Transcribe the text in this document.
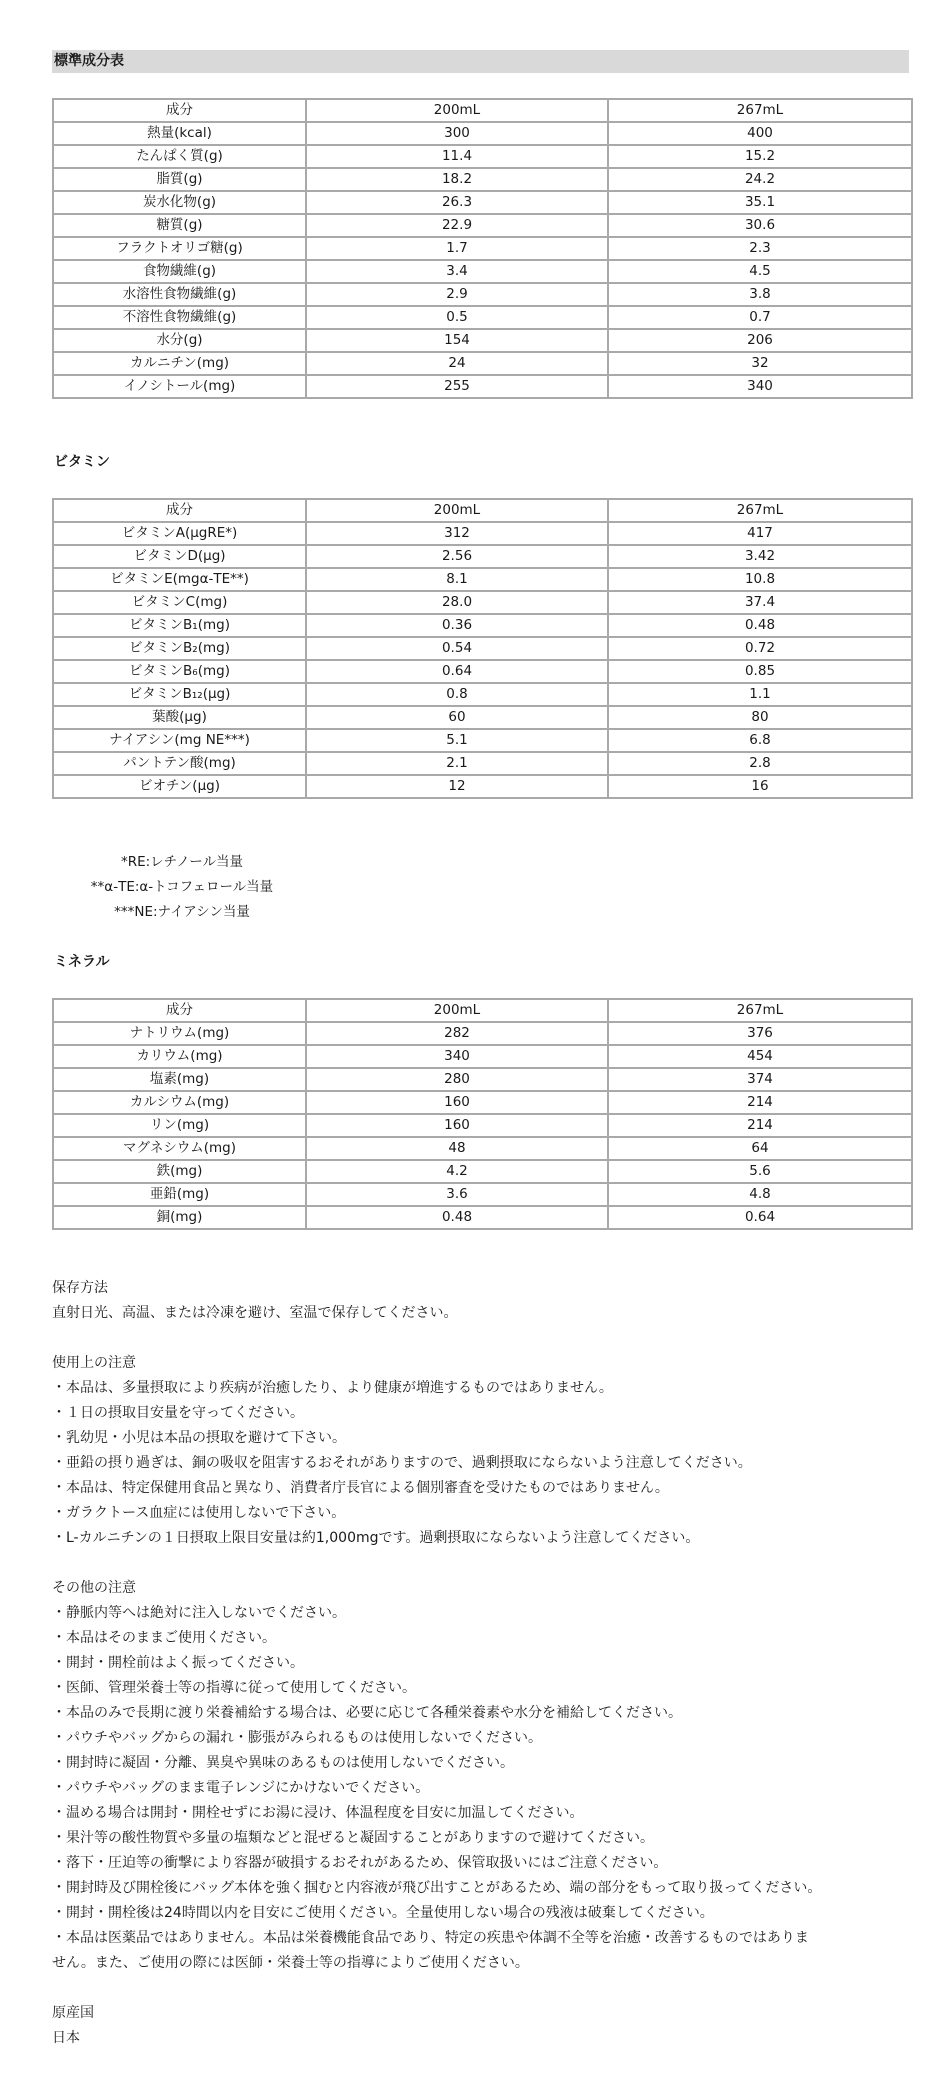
標準成分表
成分	200mL	267mL
熱量(kcal)	300	400
たんぱく質(g)	11.4	15.2
脂質(g)	18.2	24.2
炭水化物(g)	26.3	35.1
糖質(g)	22.9	30.6
フラクトオリゴ糖(g)	1.7	2.3
食物繊維(g)	3.4	4.5
水溶性食物繊維(g)	2.9	3.8
不溶性食物繊維(g)	0.5	0.7
水分(g)	154	206
カルニチン(mg)	24	32
イノシトール(mg)	255	340
ビタミン
成分	200mL	267mL
ビタミンA(μgRE*)	312	417
ビタミンD(μg)	2.56	3.42
ビタミンE(mgα-TE**)	8.1	10.8
ビタミンC(mg)	28.0	37.4
ビタミンB₁(mg)	0.36	0.48
ビタミンB₂(mg)	0.54	0.72
ビタミンB₆(mg)	0.64	0.85
ビタミンB₁₂(μg)	0.8	1.1
葉酸(μg)	60	80
ナイアシン(mg NE***)	5.1	6.8
パントテン酸(mg)	2.1	2.8
ビオチン(μg)	12	16
*RE:レチノール当量
**α-TE:α-トコフェロール当量
***NE:ナイアシン当量
ミネラル
成分	200mL	267mL
ナトリウム(mg)	282	376
カリウム(mg)	340	454
塩素(mg)	280	374
カルシウム(mg)	160	214
リン(mg)	160	214
マグネシウム(mg)	48	64
鉄(mg)	4.2	5.6
亜鉛(mg)	3.6	4.8
銅(mg)	0.48	0.64
保存方法
直射日光、高温、または冷凍を避け、室温で保存してください。
使用上の注意
・本品は、多量摂取により疾病が治癒したり、より健康が増進するものではありません。
・１日の摂取目安量を守ってください。
・乳幼児・小児は本品の摂取を避けて下さい。
・亜鉛の摂り過ぎは、銅の吸収を阻害するおそれがありますので、過剰摂取にならないよう注意してください。
・本品は、特定保健用食品と異なり、消費者庁長官による個別審査を受けたものではありません。
・ガラクトース血症には使用しないで下さい。
・L-カルニチンの１日摂取上限目安量は約1,000mgです。過剰摂取にならないよう注意してください。
その他の注意
・静脈内等へは絶対に注入しないでください。
・本品はそのままご使用ください。
・開封・開栓前はよく振ってください。
・医師、管理栄養士等の指導に従って使用してください。
・本品のみで長期に渡り栄養補給する場合は、必要に応じて各種栄養素や水分を補給してください。
・パウチやバッグからの漏れ・膨張がみられるものは使用しないでください。
・開封時に凝固・分離、異臭や異味のあるものは使用しないでください。
・パウチやバッグのまま電子レンジにかけないでください。
・温める場合は開封・開栓せずにお湯に浸け、体温程度を目安に加温してください。
・果汁等の酸性物質や多量の塩類などと混ぜると凝固することがありますので避けてください。
・落下・圧迫等の衝撃により容器が破損するおそれがあるため、保管取扱いにはご注意ください。
・開封時及び開栓後にバッグ本体を強く掴むと内容液が飛び出すことがあるため、端の部分をもって取り扱ってください。
・開封・開栓後は24時間以内を目安にご使用ください。全量使用しない場合の残液は破棄してください。
・本品は医薬品ではありません。本品は栄養機能食品であり、特定の疾患や体調不全等を治癒・改善するものではありま
せん。また、ご使用の際には医師・栄養士等の指導によりご使用ください。
原産国
日本
